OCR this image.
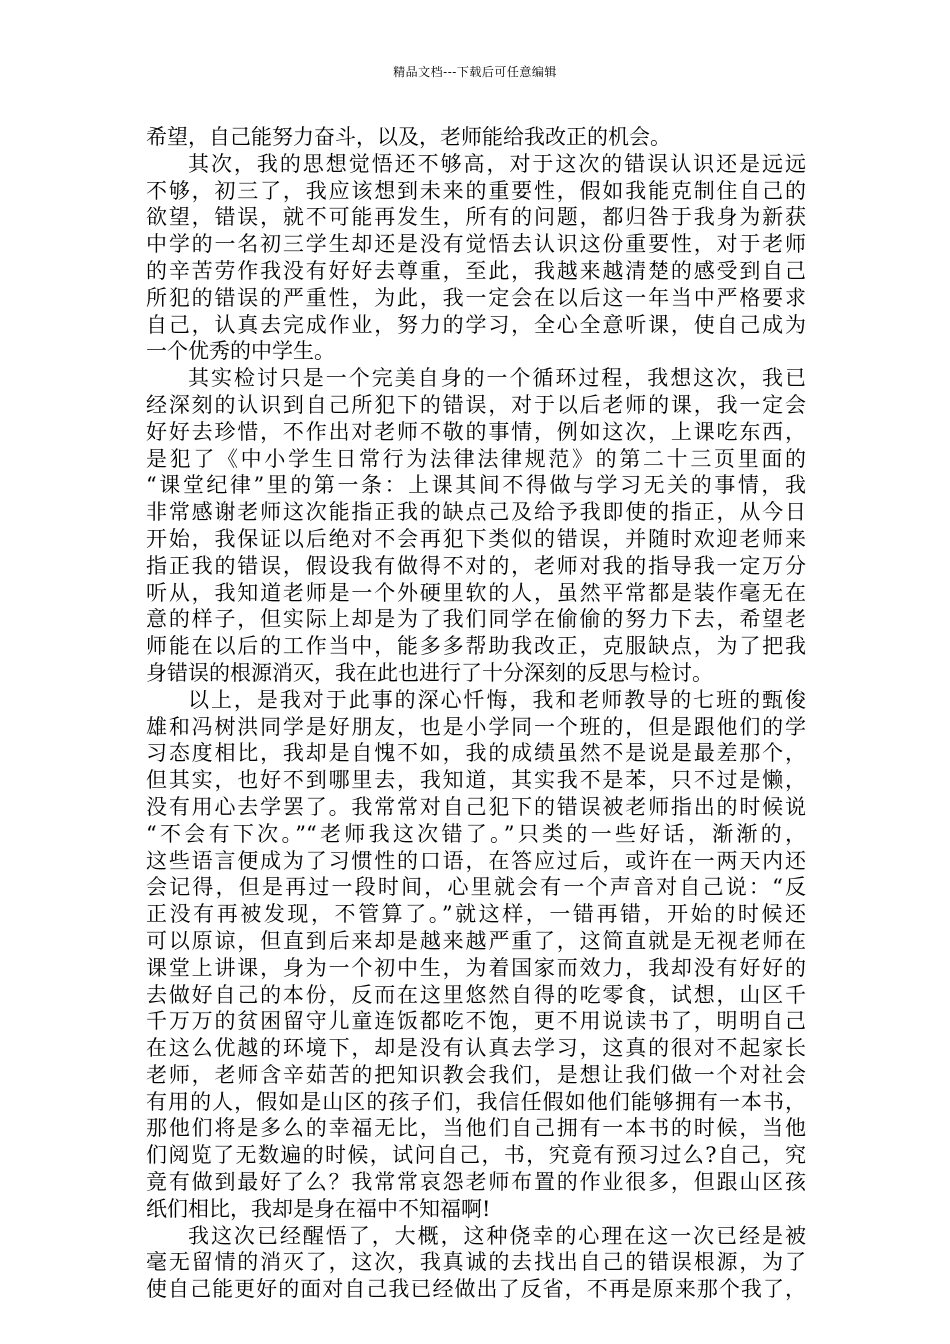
精品文档---下载后可任意编辑
希望，自己能努力奋斗，以及，老师能给我改正的机会。
其次，我的思想觉悟还不够高，对于这次的错误认识还是远远
不够，初三了，我应该想到未来的重要性，假如我能克制住自己的
欲望，错误，就不可能再发生，所有的问题，都归咎于我身为新获
中学的一名初三学生却还是没有觉悟去认识这份重要性，对于老师
的辛苦劳作我没有好好去尊重，至此，我越来越清楚的感受到自己
所犯的错误的严重性，为此，我一定会在以后这一年当中严格要求
自己，认真去完成作业，努力的学习，全心全意听课，使自己成为
一个优秀的中学生。
其实检讨只是一个完美自身的一个循环过程，我想这次，我已
经深刻的认识到自己所犯下的错误，对于以后老师的课，我一定会
好好去珍惜，不作出对老师不敬的事情，例如这次，上课吃东西，
是犯了《中小学生日常行为法律法律规范》的第二十三页里面的
“课堂纪律”里的第一条：上课其间不得做与学习无关的事情，我
非常感谢老师这次能指正我的缺点己及给予我即使的指正，从今日
开始，我保证以后绝对不会再犯下类似的错误，并随时欢迎老师来
指正我的错误，假设我有做得不对的，老师对我的指导我一定万分
听从，我知道老师是一个外硬里软的人，虽然平常都是装作毫无在
意的样子，但实际上却是为了我们同学在偷偷的努力下去，希望老
师能在以后的工作当中，能多多帮助我改正，克服缺点，为了把我
身错误的根源消灭，我在此也进行了十分深刻的反思与检讨。
以上，是我对于此事的深心忏悔，我和老师教导的七班的甄俊
雄和冯树洪同学是好朋友，也是小学同一个班的，但是跟他们的学
习态度相比，我却是自愧不如，我的成绩虽然不是说是最差那个，
但其实，也好不到哪里去，我知道，其实我不是苯，只不过是懒，
没有用心去学罢了。我常常对自己犯下的错误被老师指出的时候说
“不会有下次。”“老师我这次错了。”只类的一些好话，渐渐的，
这些语言便成为了习惯性的口语，在答应过后，或许在一两天内还
会记得，但是再过一段时间，心里就会有一个声音对自己说：“反
正没有再被发现，不管算了。”就这样，一错再错，开始的时候还
可以原谅，但直到后来却是越来越严重了，这简直就是无视老师在
课堂上讲课，身为一个初中生，为着国家而效力，我却没有好好的
去做好自己的本份，反而在这里悠然自得的吃零食，试想，山区千
千万万的贫困留守儿童连饭都吃不饱，更不用说读书了，明明自己
在这么优越的环境下，却是没有认真去学习，这真的很对不起家长
老师，老师含辛茹苦的把知识教会我们，是想让我们做一个对社会
有用的人，假如是山区的孩子们，我信任假如他们能够拥有一本书，
那他们将是多么的幸福无比，当他们自己拥有一本书的时候，当他
们阅览了无数遍的时候，试问自己，书，究竟有预习过么?自己，究
竟有做到最好了么？我常常哀怨老师布置的作业很多，但跟山区孩
纸们相比，我却是身在福中不知福啊!
我这次已经醒悟了，大概，这种侥幸的心理在这一次已经是被
毫无留情的消灭了，这次，我真诚的去找出自己的错误根源，为了
使自己能更好的面对自己我已经做出了反省，不再是原来那个我了，
